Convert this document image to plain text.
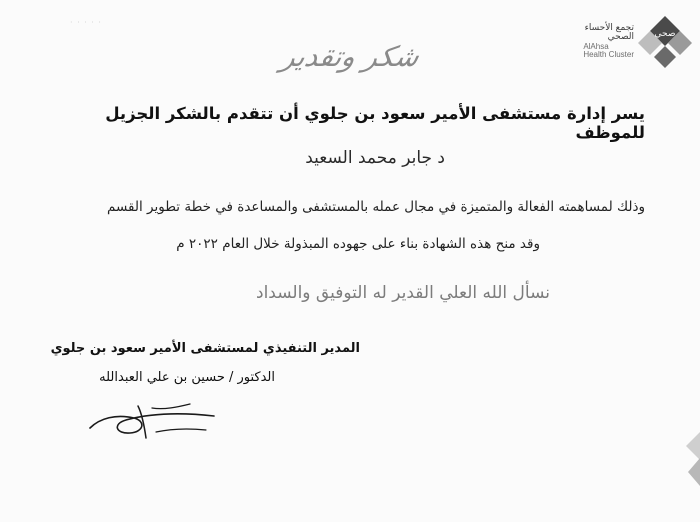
· · · · ·
صحي
تجمع الأحساء
الصحي
AlAhsa
Health Cluster
شكر وتقدير
يسر إدارة مستشفى الأمير سعود بن جلوي أن تتقدم بالشكر الجزيل للموظف
د جابر محمد السعيد
وذلك لمساهمته الفعالة والمتميزة في مجال عمله بالمستشفى والمساعدة في خطة تطوير القسم
وقد منح هذه الشهادة بناء على جهوده المبذولة خلال العام ٢٠٢٢ م
نسأل الله العلي القدير له التوفيق والسداد
المدير التنفيذي لمستشفى الأمير سعود بن جلوي
الدكتور / حسين بن علي العبدالله
